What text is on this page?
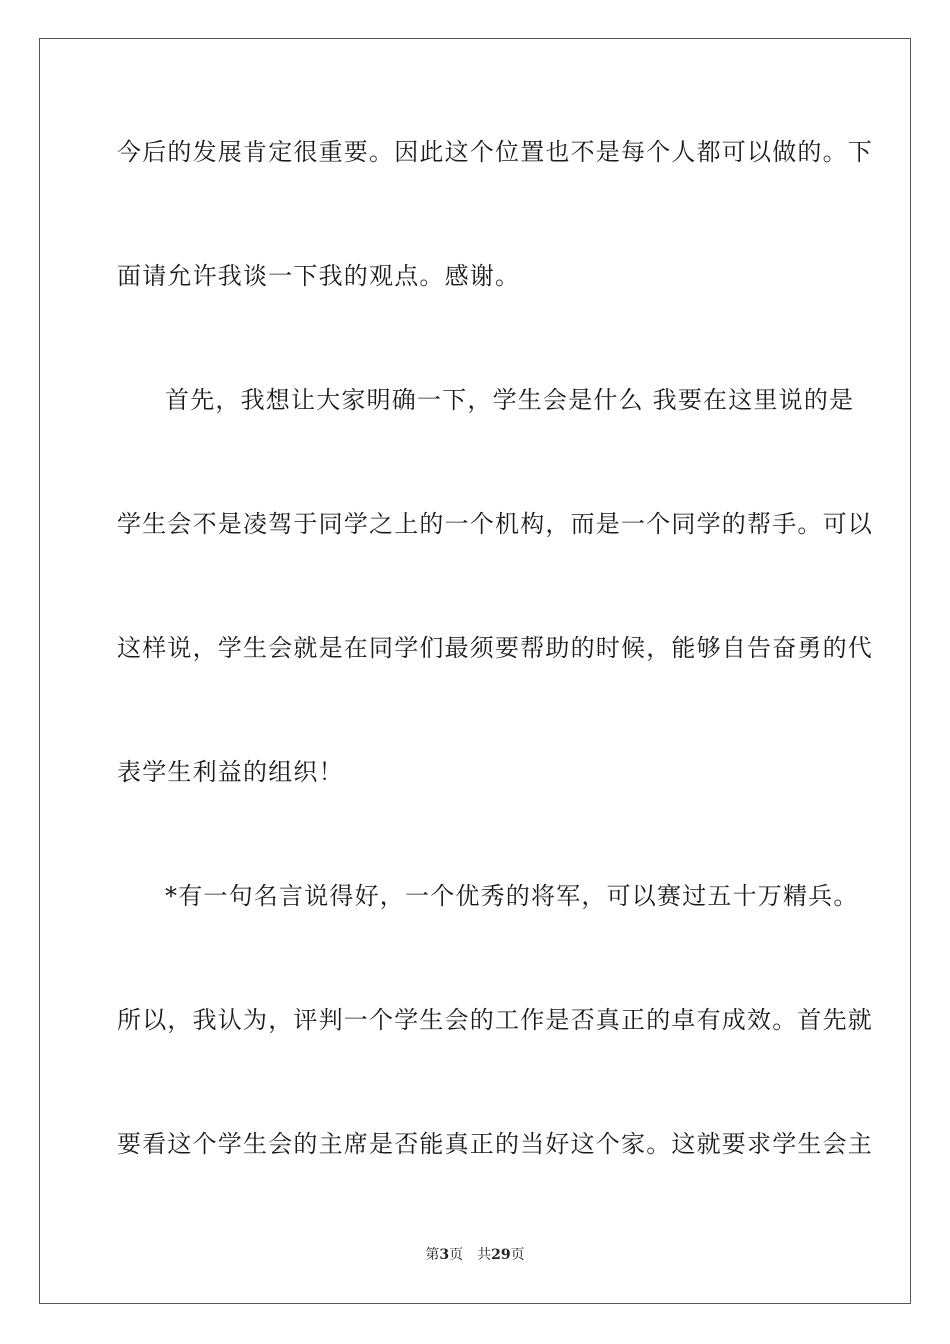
今后的发展肯定很重要。因此这个位置也不是每个人都可以做的。下
面请允许我谈一下我的观点。感谢。
首先，我想让大家明确一下，学生会是什么 我要在这里说的是
学生会不是凌驾于同学之上的一个机构，而是一个同学的帮手。可以
这样说，学生会就是在同学们最须要帮助的时候，能够自告奋勇的代
表学生利益的组织！
*有一句名言说得好，一个优秀的将军，可以赛过五十万精兵。
所以，我认为，评判一个学生会的工作是否真正的卓有成效。首先就
要看这个学生会的主席是否能真正的当好这个家。这就要求学生会主
第3页 共29页
